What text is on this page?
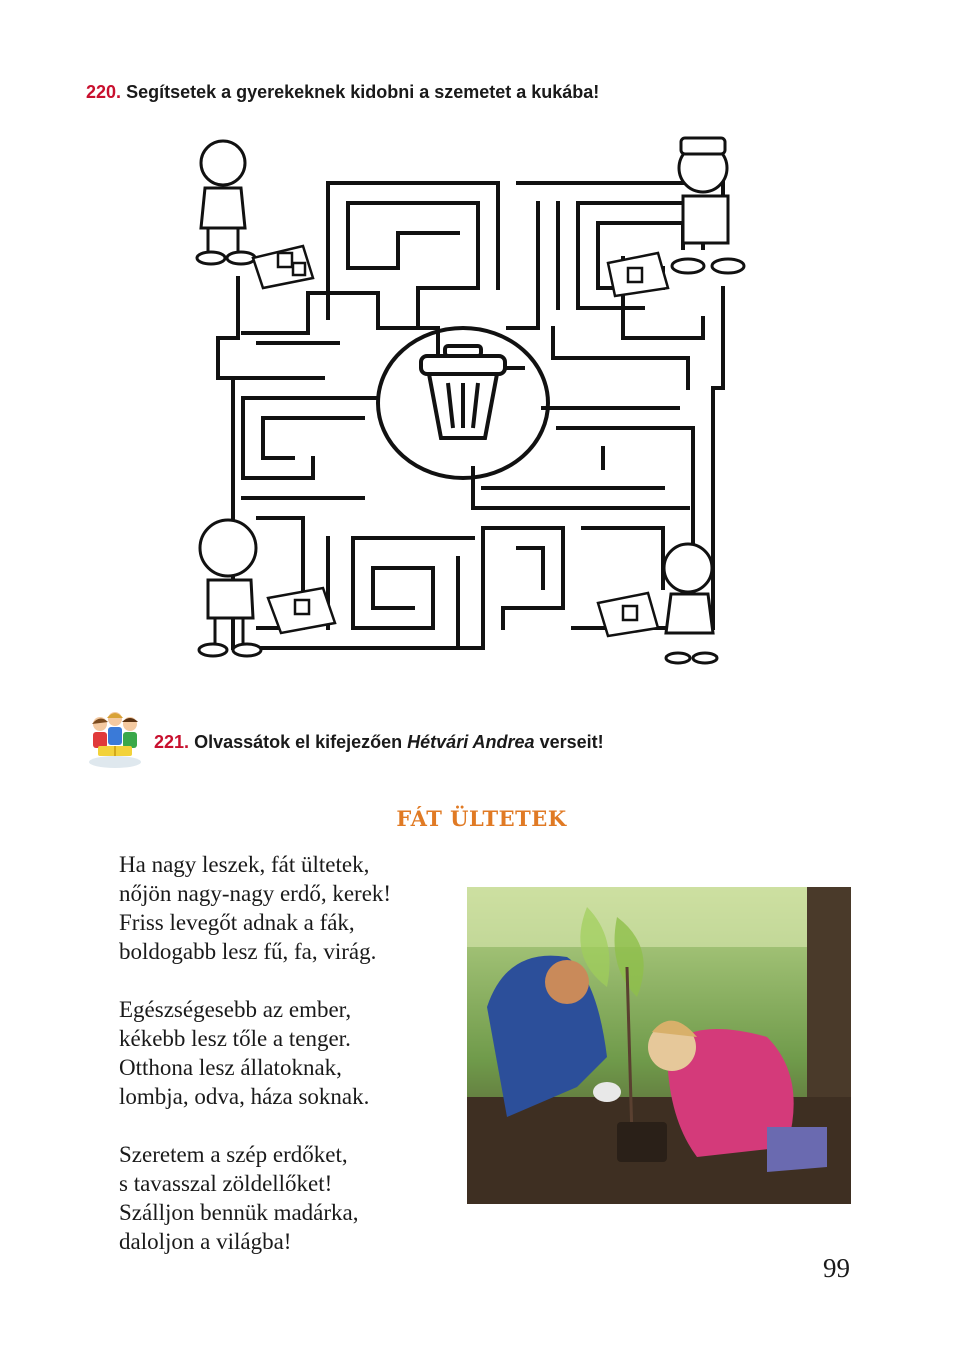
220. Segítsetek a gyerekeknek kidobni a szemetet a kukába!
221. Olvassátok el kifejezően Hétvári Andrea verseit!
FÁT ÜLTETEK
Ha nagy leszek, fát ültetek,
nőjön nagy-nagy erdő, kerek!
Friss levegőt adnak a fák,
boldogabb lesz fű, fa, virág.
Egészségesebb az ember,
kékebb lesz tőle a tenger.
Otthona lesz állatoknak,
lombja, odva, háza soknak.
Szeretem a szép erdőket,
s tavasszal zöldellőket!
Szálljon bennük madárka,
daloljon a világba!
99
